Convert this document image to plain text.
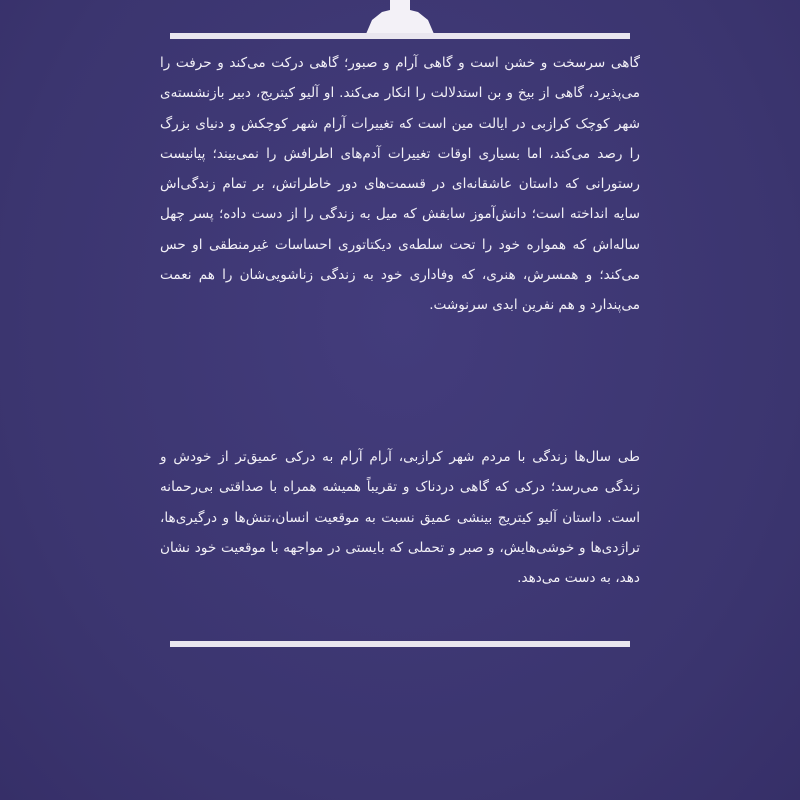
گاهی سرسخت و خشن است و گاهی آرام و صبور؛ گاهی درکت می‌کند و حرفت را می‌پذیرد، گاهی از بیخ و بن استدلالت را انکار می‌کند. او آلیو کیتریج، دبیر بازنشسته‌ی شهر کوچک کرازبی در ایالت مین است که تغییرات آرام شهر کوچکش و دنیای بزرگ را رصد می‌کند، اما بسیاری اوقات تغییرات آدم‌های اطرافش را نمی‌بیند؛ پیانیست رستورانی که داستان عاشقانه‌ای در قسمت‌های دور خاطراتش، بر تمام زندگی‌اش سایه انداخته است؛ دانش‌آموز سابقش که میل به زندگی را از دست داده؛ پسر چهل ساله‌اش که همواره خود را تحت سلطه‌ی دیکتاتوری احساسات غیرمنطقی او حس می‌کند؛ و همسرش، هنری، که وفاداری خود به زندگی زناشویی‌شان را هم نعمت می‌پندارد و هم نفرین ابدی سرنوشت.

طی سال‌ها زندگی با مردم شهر کرازبی، آرام آرام به درکی عمیق‌تر از خودش و زندگی می‌رسد؛ درکی که گاهی دردناک و تقریباً همیشه همراه با صداقتی بی‌رحمانه است. داستان آلیو کیتریج بینشی عمیق نسبت به موقعیت انسان،تنش‌ها و درگیری‌ها، تراژدی‌ها و خوشی‌هایش، و صبر و تحملی که بایستی در مواجهه با موقعیت خود نشان دهد، به دست می‌دهد.
